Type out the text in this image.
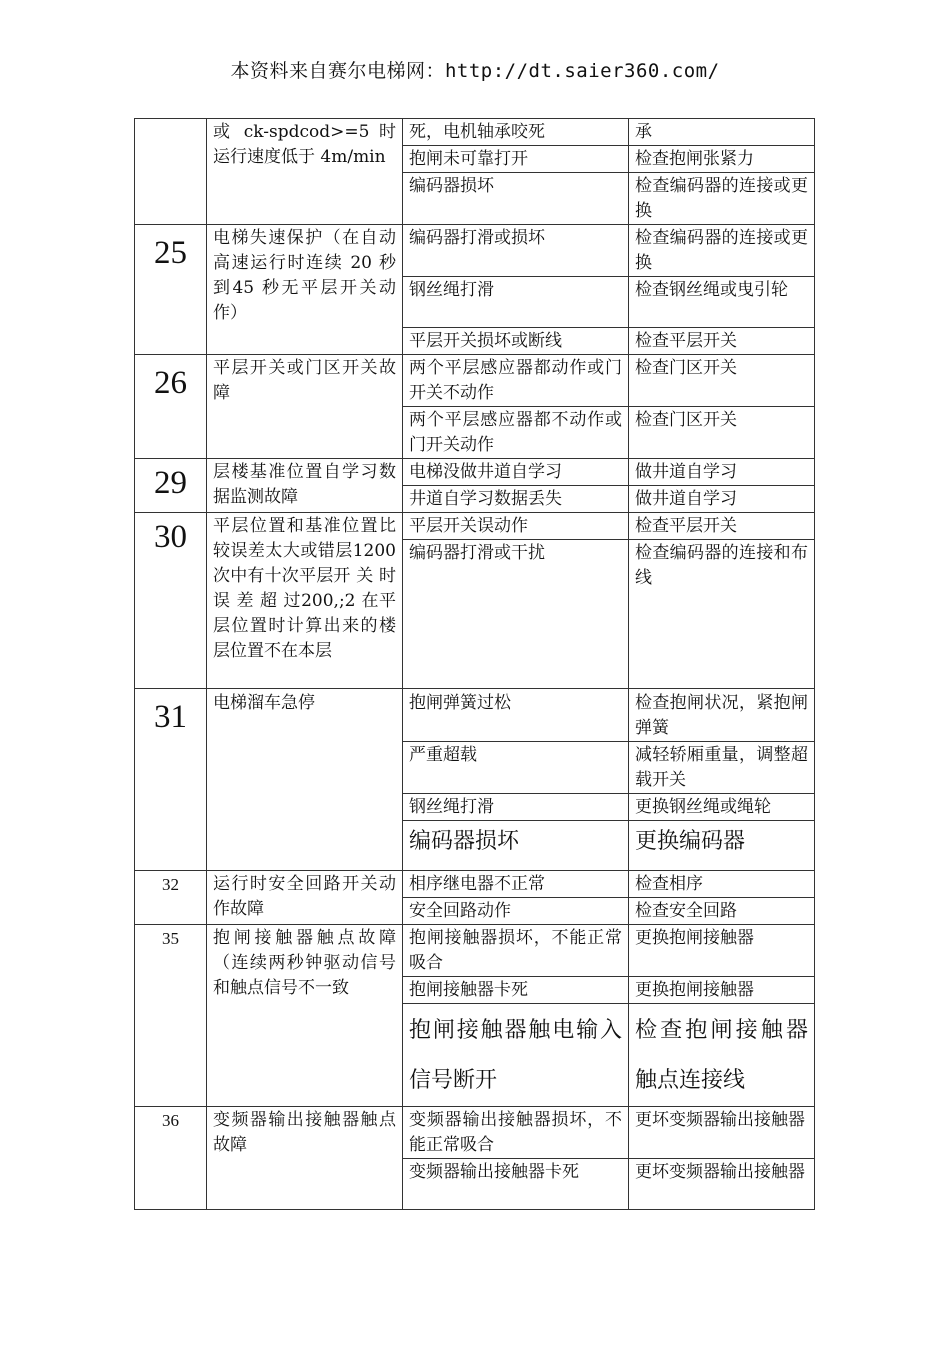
本资料来自赛尔电梯网：http://dt.saier360.com/
	或 ck-spdcod>=5 时运行速度低于 4m/min	死，电机轴承咬死	承
		抱闸未可靠打开	检查抱闸张紧力
		编码器损坏	检查编码器的连接或更换
25	电梯失速保护（在自动高速运行时连续 20 秒到45 秒无平层开关动作）	编码器打滑或损坏	检查编码器的连接或更换
		钢丝绳打滑	检查钢丝绳或曳引轮
		平层开关损坏或断线	检查平层开关
26	平层开关或门区开关故障	两个平层感应器都动作或门开关不动作	检查门区开关
		两个平层感应器都不动作或门开关动作	检查门区开关
29	层楼基准位置自学习数据监测故障	电梯没做井道自学习	做井道自学习
		井道自学习数据丢失	做井道自学习
30	平层位置和基准位置比较误差太大或错层1200 次中有十次平层开 关 时 误 差 超 过200,;2 在平层位置时计算出来的楼层位置不在本层	平层开关误动作	检查平层开关
		编码器打滑或干扰	检查编码器的连接和布线
31	电梯溜车急停	抱闸弹簧过松	检查抱闸状况，紧抱闸弹簧
		严重超载	减轻轿厢重量，调整超载开关
		钢丝绳打滑	更换钢丝绳或绳轮
		编码器损坏	更换编码器
32	运行时安全回路开关动作故障	相序继电器不正常	检查相序
		安全回路动作	检查安全回路
35	抱闸接触器触点故障（连续两秒钟驱动信号和触点信号不一致	抱闸接触器损坏，不能正常吸合	更换抱闸接触器
		抱闸接触器卡死	更换抱闸接触器
		抱闸接触器触电输入信号断开	检查抱闸接触器触点连接线
36	变频器输出接触器触点故障	变频器输出接触器损坏，不能正常吸合	更坏变频器输出接触器
		变频器输出接触器卡死	更坏变频器输出接触器
